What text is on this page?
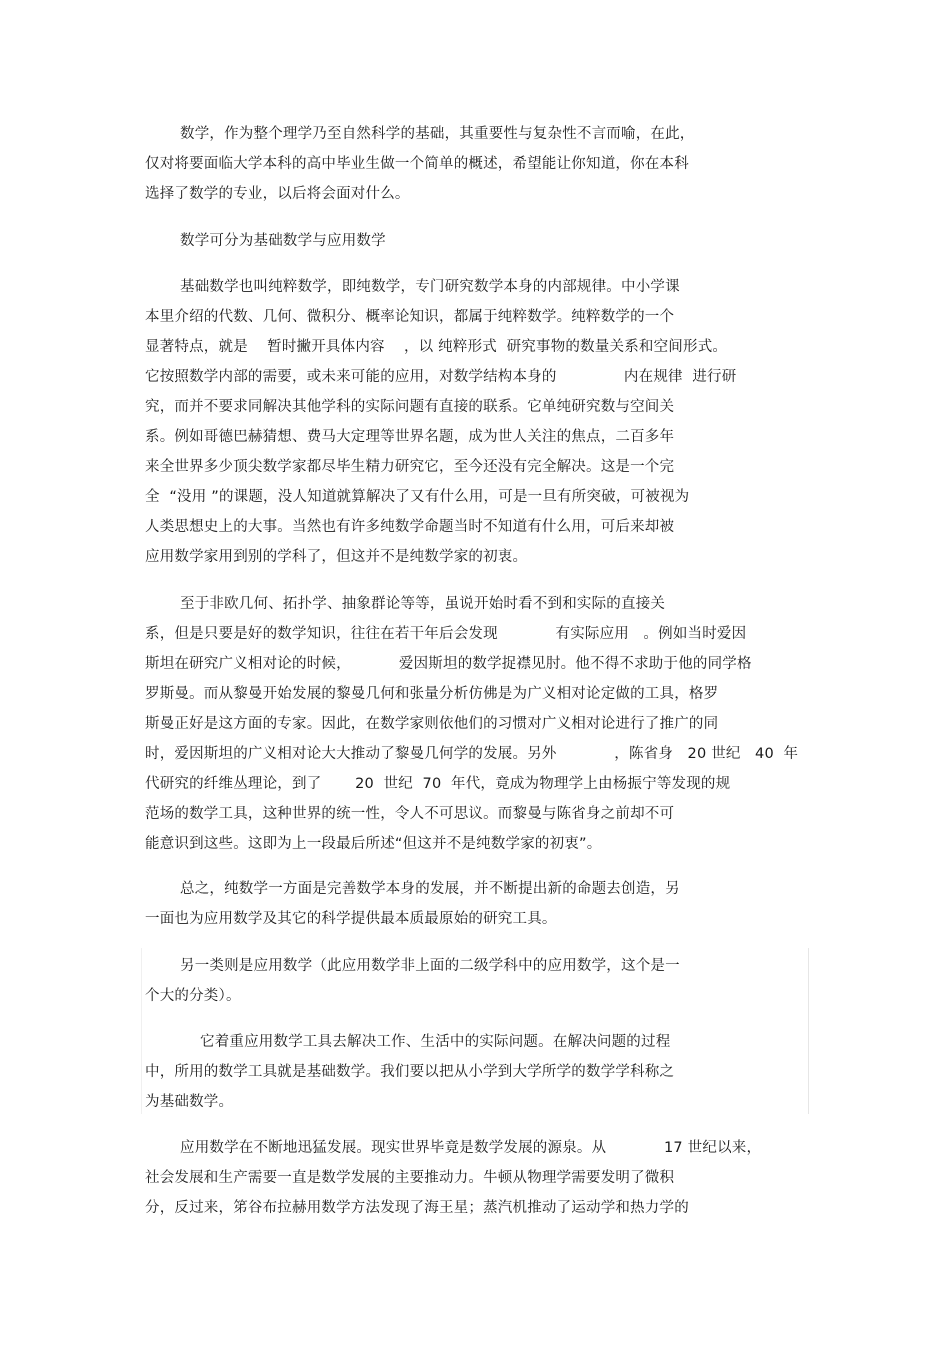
数学，作为整个理学乃至自然科学的基础，其重要性与复杂性不言而喻，在此，
仅对将要面临大学本科的高中毕业生做一个简单的概述，希望能让你知道，你在本科
选择了数学的专业，以后将会面对什么。
数学可分为基础数学与应用数学
基础数学也叫纯粹数学，即纯数学，专门研究数学本身的内部规律。中小学课
本里介绍的代数、几何、微积分、概率论知识，都属于纯粹数学。纯粹数学的一个
显著特点，就是    暂时撇开具体内容    ，以 纯粹形式  研究事物的数量关系和空间形式。
它按照数学内部的需要，或未来可能的应用，对数学结构本身的              内在规律  进行研
究，而并不要求同解决其他学科的实际问题有直接的联系。它单纯研究数与空间关
系。例如哥德巴赫猜想、费马大定理等世界名题，成为世人关注的焦点，二百多年
来全世界多少顶尖数学家都尽毕生精力研究它，至今还没有完全解决。这是一个完
全  “没用 ”的课题，没人知道就算解决了又有什么用，可是一旦有所突破，可被视为
人类思想史上的大事。当然也有许多纯数学命题当时不知道有什么用，可后来却被
应用数学家用到别的学科了，但这并不是纯数学家的初衷。
至于非欧几何、拓扑学、抽象群论等等，虽说开始时看不到和实际的直接关
系，但是只要是好的数学知识，往往在若干年后会发现            有实际应用   。例如当时爱因
斯坦在研究广义相对论的时候，          爱因斯坦的数学捉襟见肘。他不得不求助于他的同学格
罗斯曼。而从黎曼开始发展的黎曼几何和张量分析仿佛是为广义相对论定做的工具，格罗
斯曼正好是这方面的专家。因此，在数学家则依他们的习惯对广义相对论进行了推广的同
时，爱因斯坦的广义相对论大大推动了黎曼几何学的发展。另外            ，陈省身   20 世纪   40  年
代研究的纤维丛理论，到了       20  世纪  70  年代，竟成为物理学上由杨振宁等发现的规
范场的数学工具，这种世界的统一性，令人不可思议。而黎曼与陈省身之前却不可
能意识到这些。这即为上一段最后所述“但这并不是纯数学家的初衷”。
总之，纯数学一方面是完善数学本身的发展，并不断提出新的命题去创造，另
一面也为应用数学及其它的科学提供最本质最原始的研究工具。
另一类则是应用数学（此应用数学非上面的二级学科中的应用数学，这个是一
个大的分类）。
它着重应用数学工具去解决工作、生活中的实际问题。在解决问题的过程
中，所用的数学工具就是基础数学。我们要以把从小学到大学所学的数学学科称之
为基础数学。
应用数学在不断地迅猛发展。现实世界毕竟是数学发展的源泉。从            17 世纪以来，
社会发展和生产需要一直是数学发展的主要推动力。牛顿从物理学需要发明了微积
分，反过来，笫谷布拉赫用数学方法发现了海王星；蒸汽机推动了运动学和热力学的
